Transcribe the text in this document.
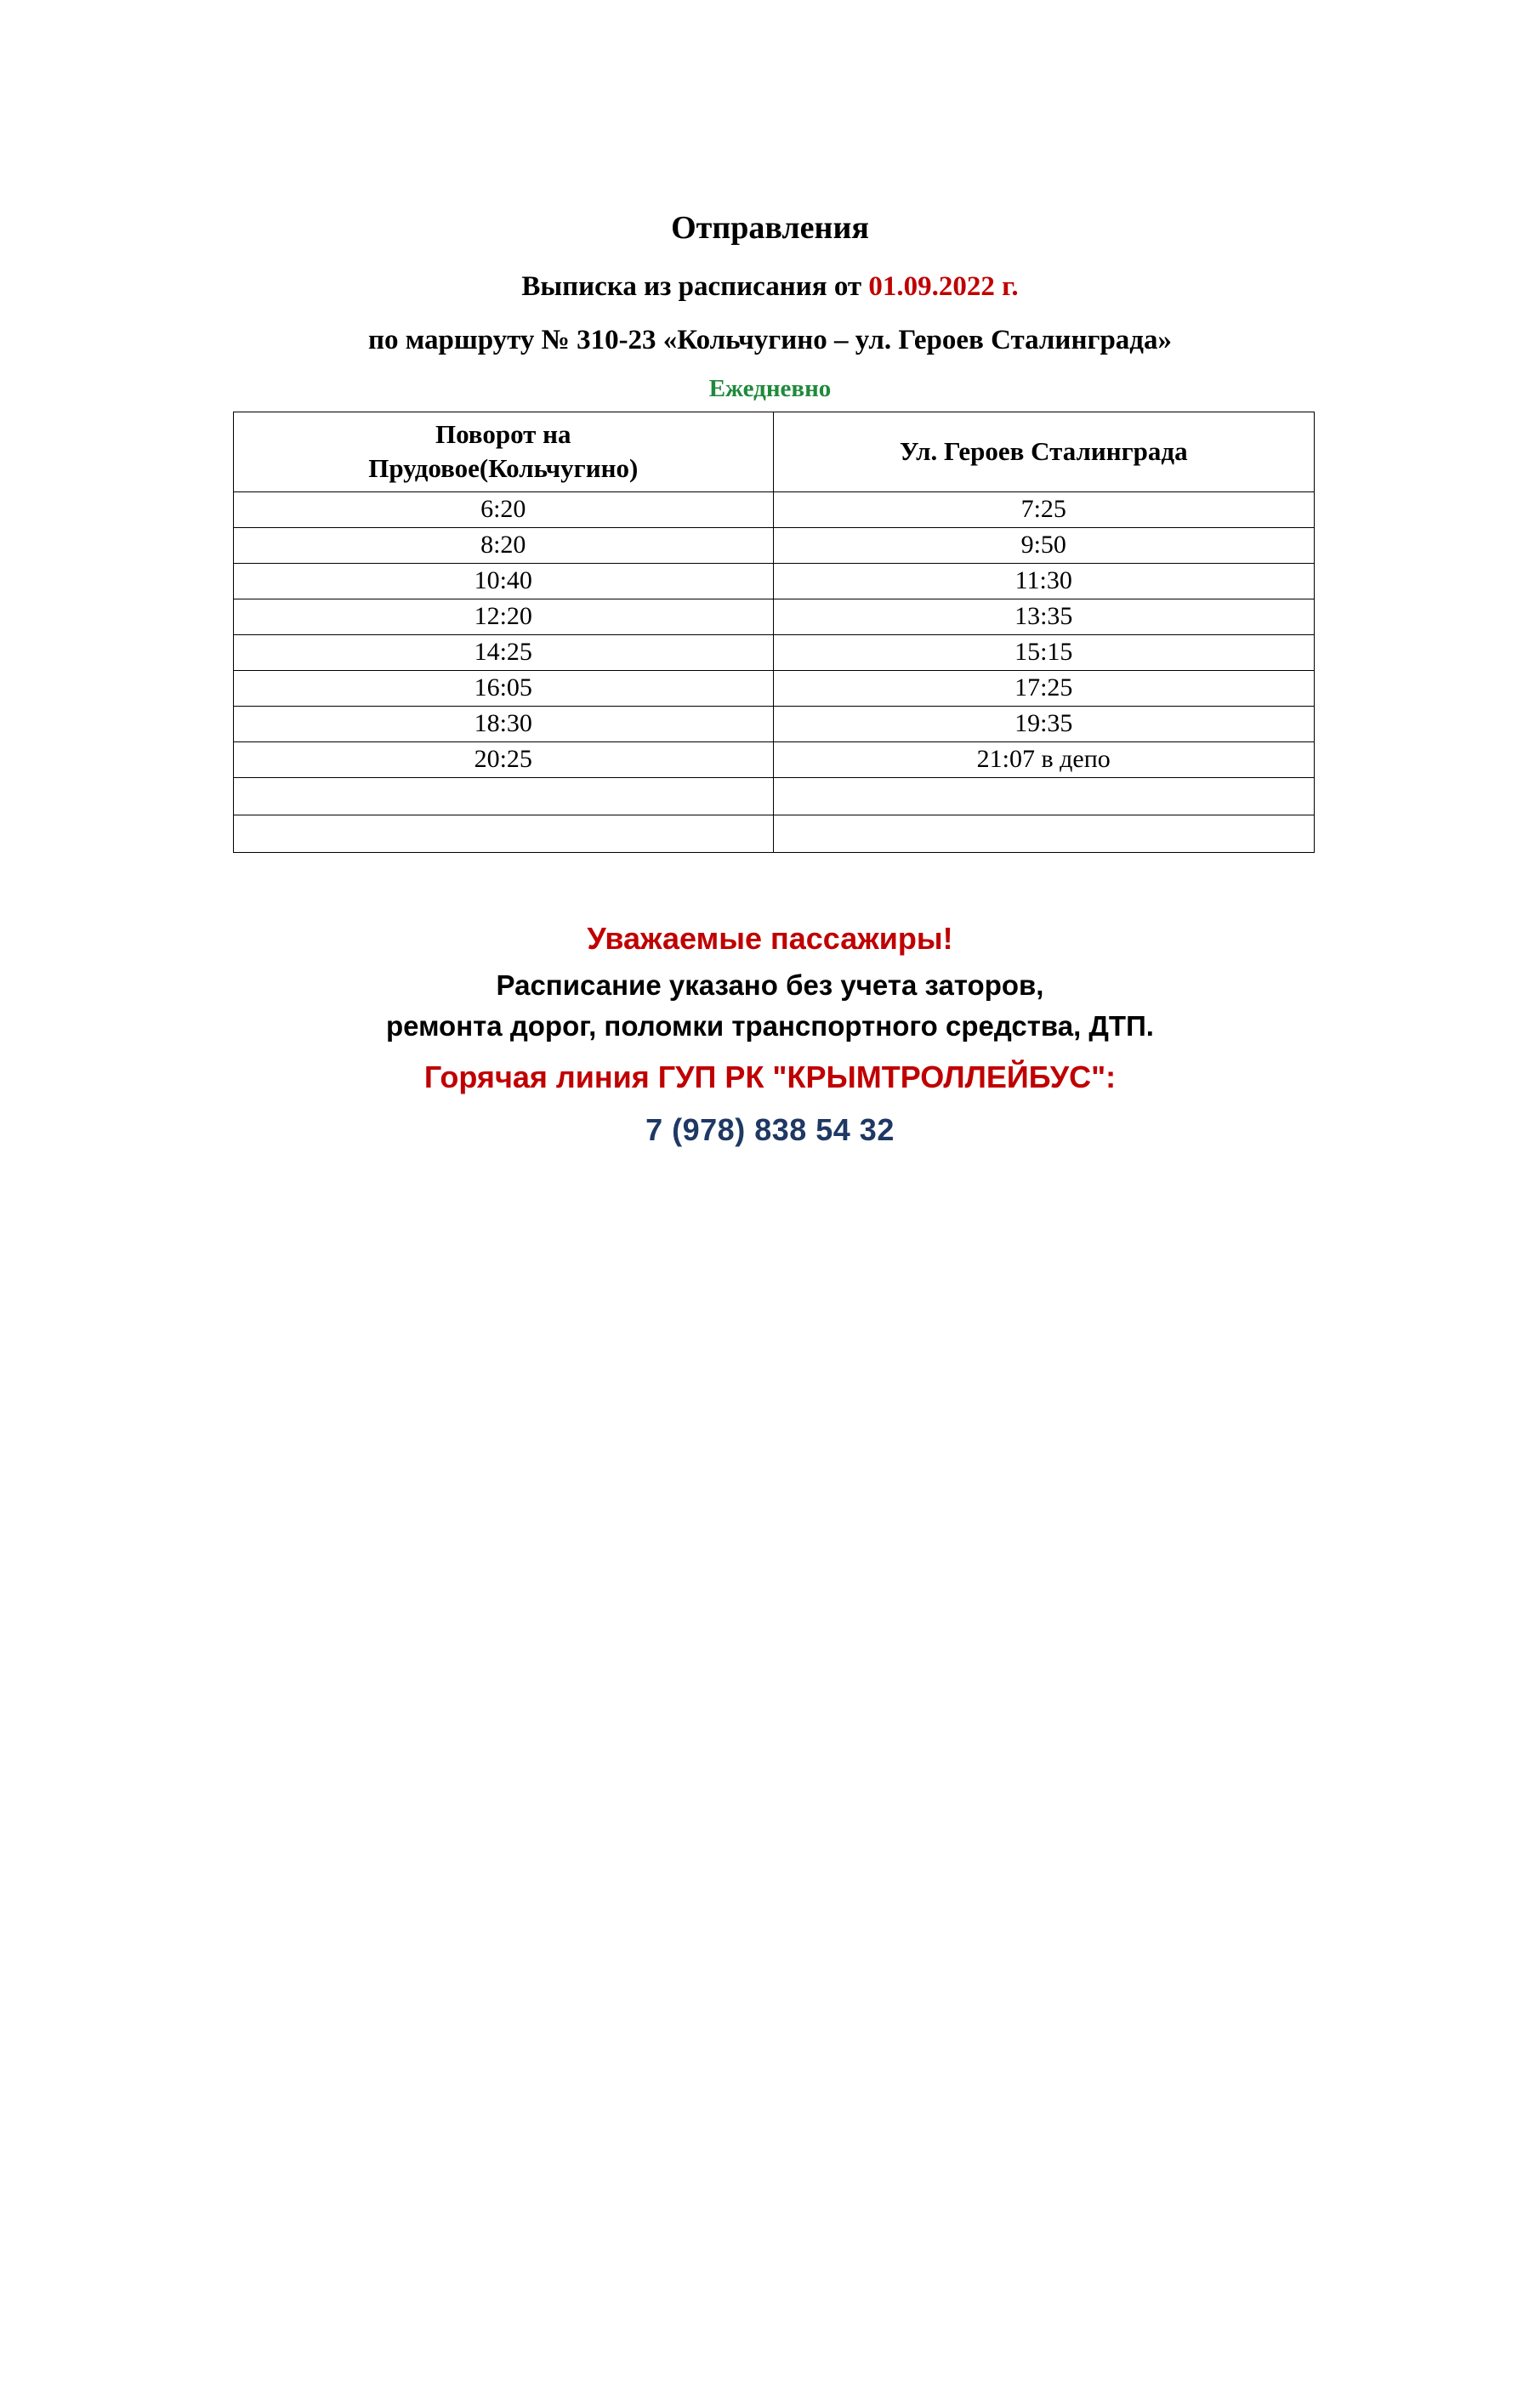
Отправления
Выписка из расписания от 01.09.2022 г.
по маршруту № 310-23 «Кольчугино – ул. Героев Сталинграда»
Ежедневно
Поворот на
Прудовое(Кольчугино)	Ул. Героев Сталинграда
6:20	7:25
8:20	9:50
10:40	11:30
12:20	13:35
14:25	15:15
16:05	17:25
18:30	19:35
20:25	21:07 в депо

Уважаемые пассажиры!
Расписание указано без учета заторов,
ремонта дорог, поломки транспортного средства, ДТП.
Горячая линия ГУП РК "КРЫМТРОЛЛЕЙБУС":
7 (978) 838 54 32
